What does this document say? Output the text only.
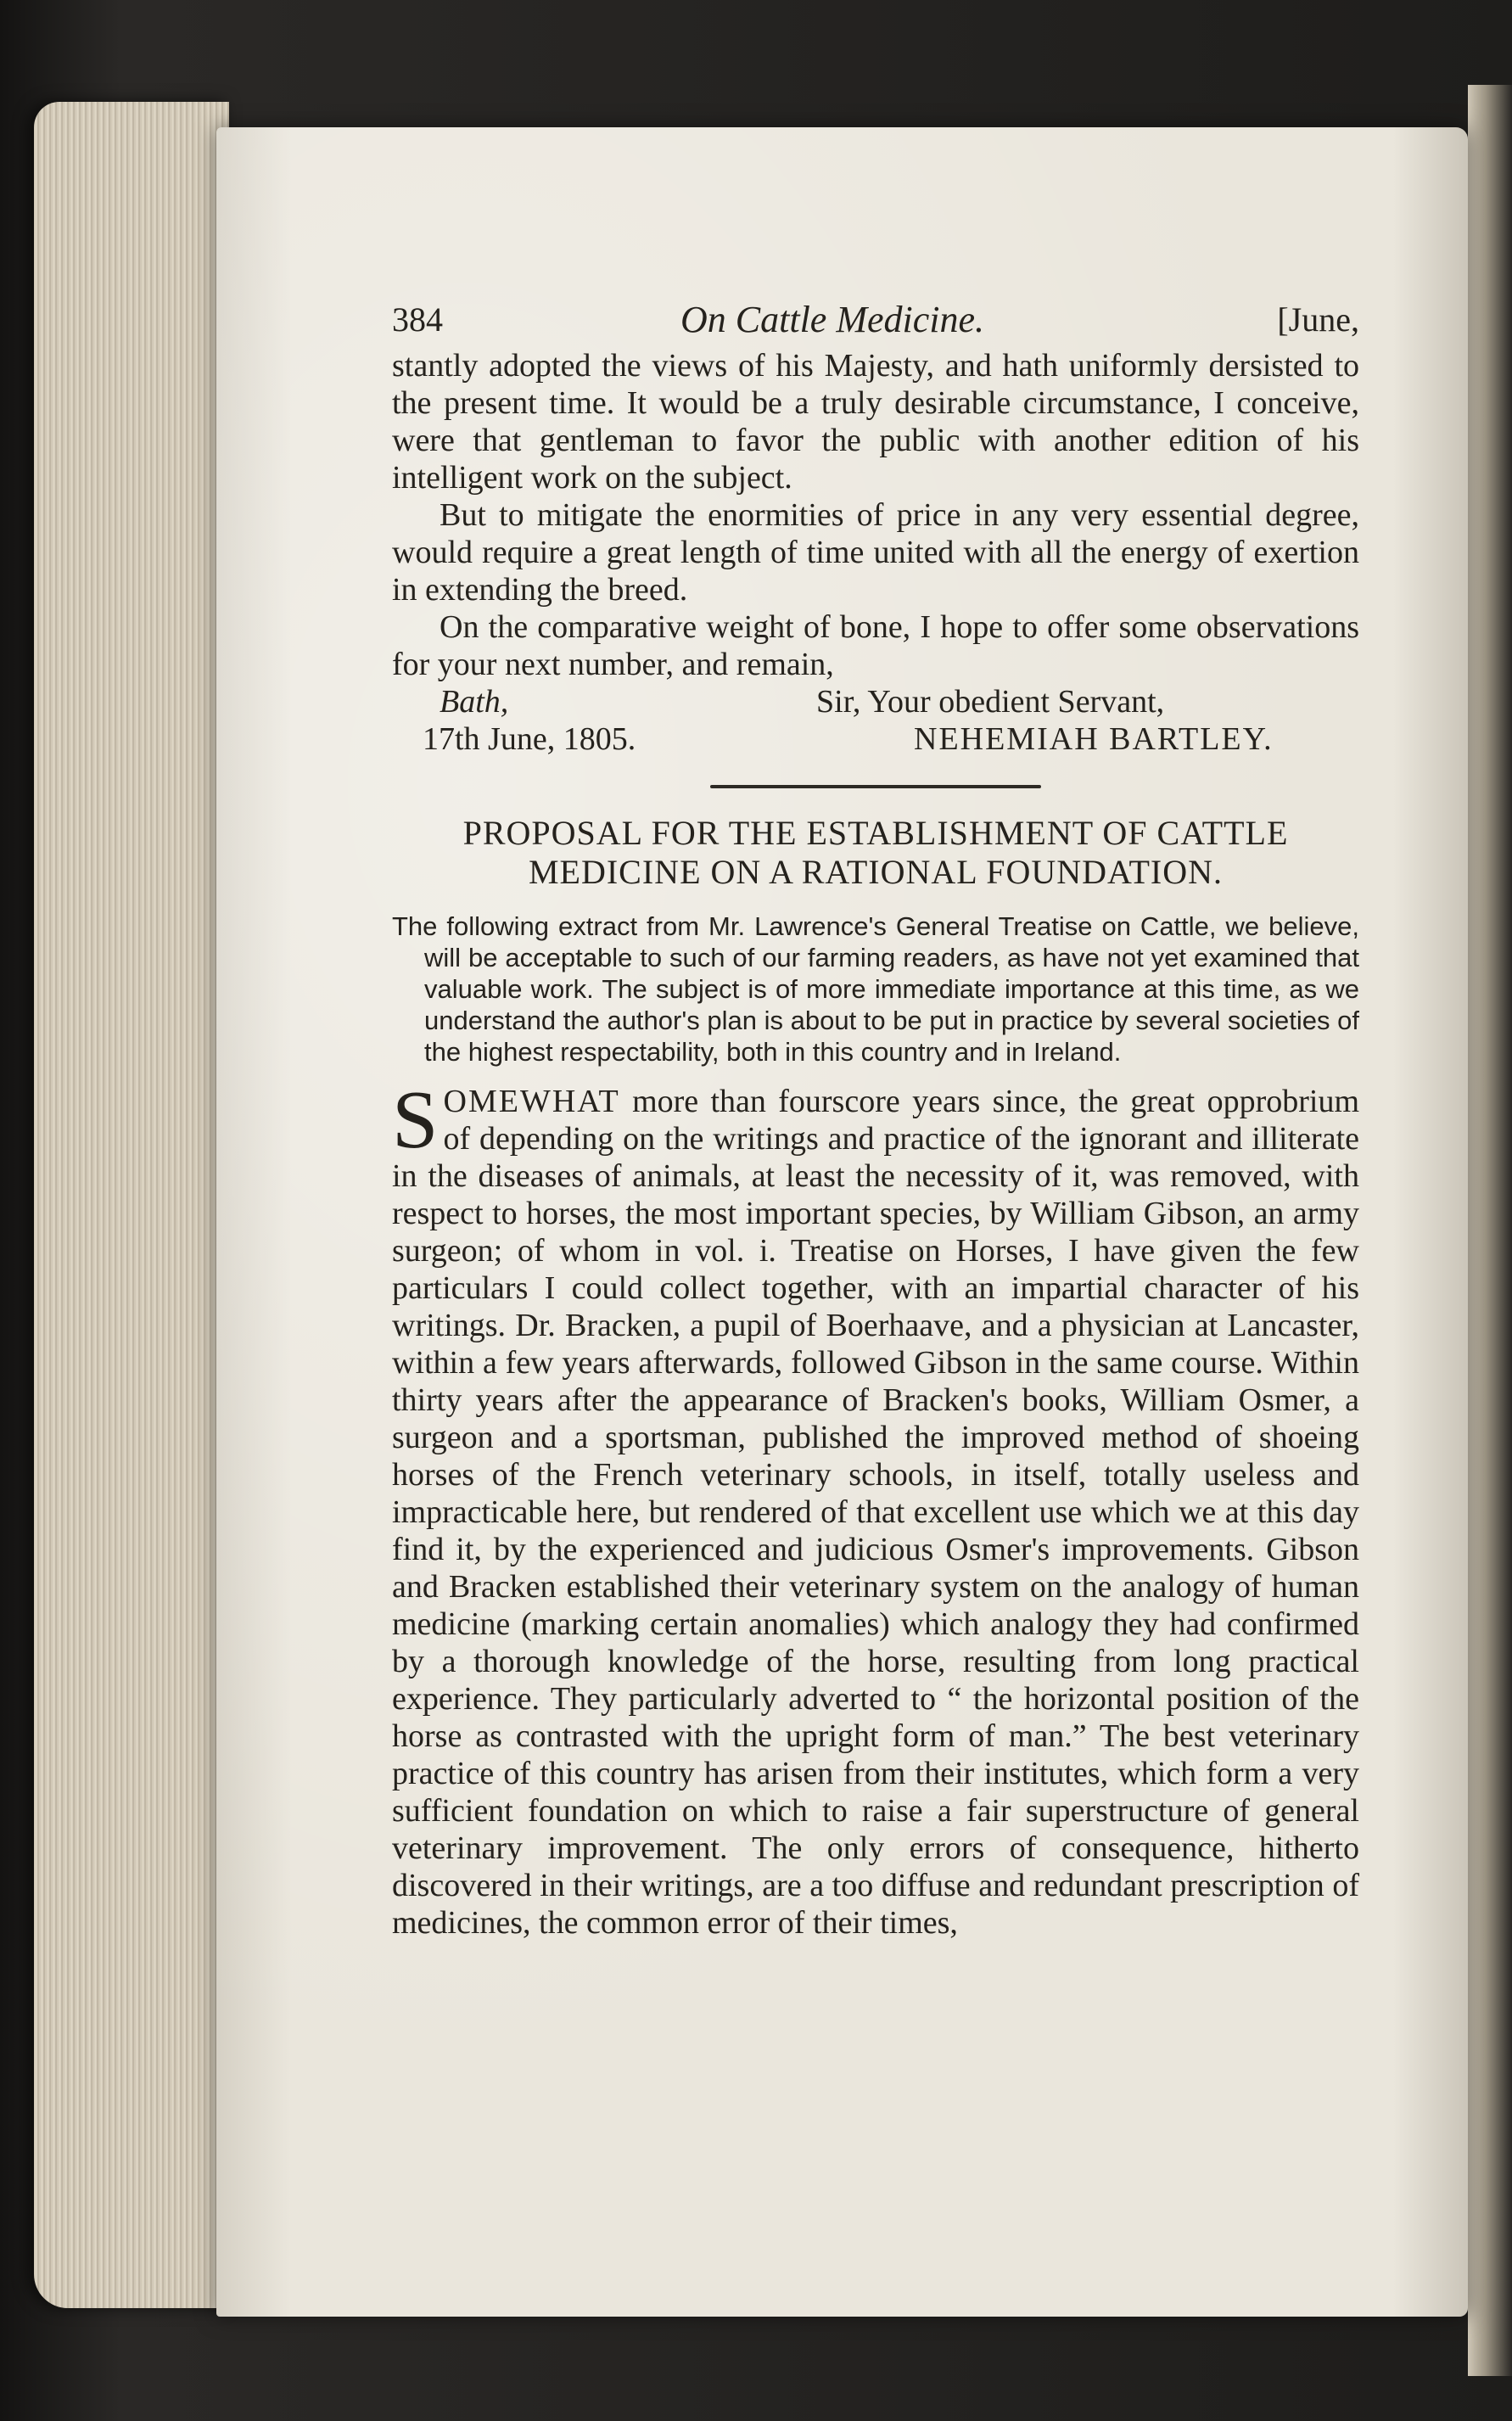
384	On Cattle Medicine.	[June,

stantly adopted the views of his Majesty, and hath uniformly dersisted to the present time. It would be a truly desirable circumstance, I conceive, were that gentleman to favor the public with another edition of his intelligent work on the subject.

But to mitigate the enormities of price in any very essential degree, would require a great length of time united with all the energy of exertion in extending the breed.

On the comparative weight of bone, I hope to offer some observations for your next number, and remain,

Bath,	Sir, Your obedient Servant,
17th June, 1805.	NEHEMIAH BARTLEY.

PROPOSAL FOR THE ESTABLISHMENT OF CATTLE

MEDICINE ON A RATIONAL FOUNDATION.

The following extract from Mr. Lawrence's General Treatise on Cattle, we believe, will be acceptable to such of our farming readers, as have not yet examined that valuable work. The subject is of more immediate importance at this time, as we understand the author's plan is about to be put in practice by several societies of the highest respectability, both in this country and in Ireland.

SOMEWHAT more than fourscore years since, the great opprobrium of depending on the writings and practice of the ignorant and illiterate in the diseases of animals, at least the necessity of it, was removed, with respect to horses, the most important species, by William Gibson, an army surgeon; of whom in vol. i. Treatise on Horses, I have given the few particulars I could collect together, with an impartial character of his writings. Dr. Bracken, a pupil of Boerhaave, and a physician at Lancaster, within a few years afterwards, followed Gibson in the same course. Within thirty years after the appearance of Bracken's books, William Osmer, a surgeon and a sportsman, published the improved method of shoeing horses of the French veterinary schools, in itself, totally useless and impracticable here, but rendered of that excellent use which we at this day find it, by the experienced and judicious Osmer's improvements. Gibson and Bracken established their veterinary system on the analogy of human medicine (marking certain anomalies) which analogy they had confirmed by a thorough knowledge of the horse, resulting from long practical experience. They particularly adverted to “ the horizontal position of the horse as contrasted with the upright form of man.” The best veterinary practice of this country has arisen from their institutes, which form a very sufficient foundation on which to raise a fair superstructure of general veterinary improvement. The only errors of consequence, hitherto discovered in their writings, are a too diffuse and redundant prescription of medicines, the common error of their times,
